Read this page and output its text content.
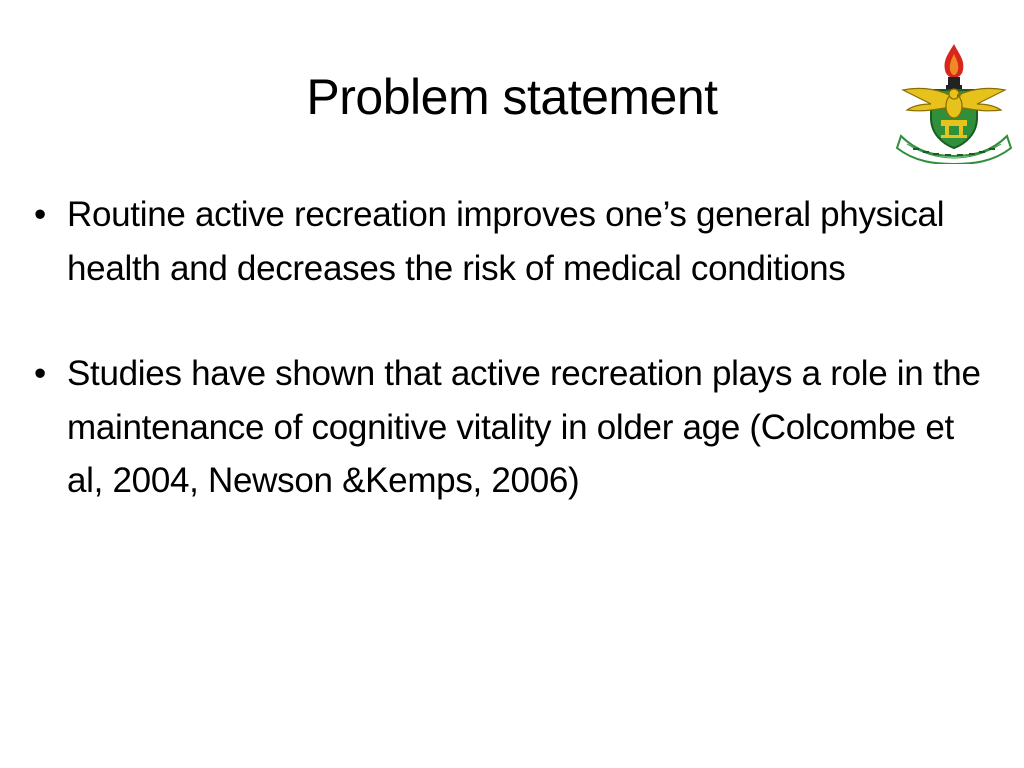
Problem statement
• Routine active recreation improves one’s general physical health and decreases the risk of medical conditions
• Studies have shown that active recreation plays a role in the maintenance of cognitive vitality in older age (Colcombe et al, 2004, Newson &Kemps, 2006)
